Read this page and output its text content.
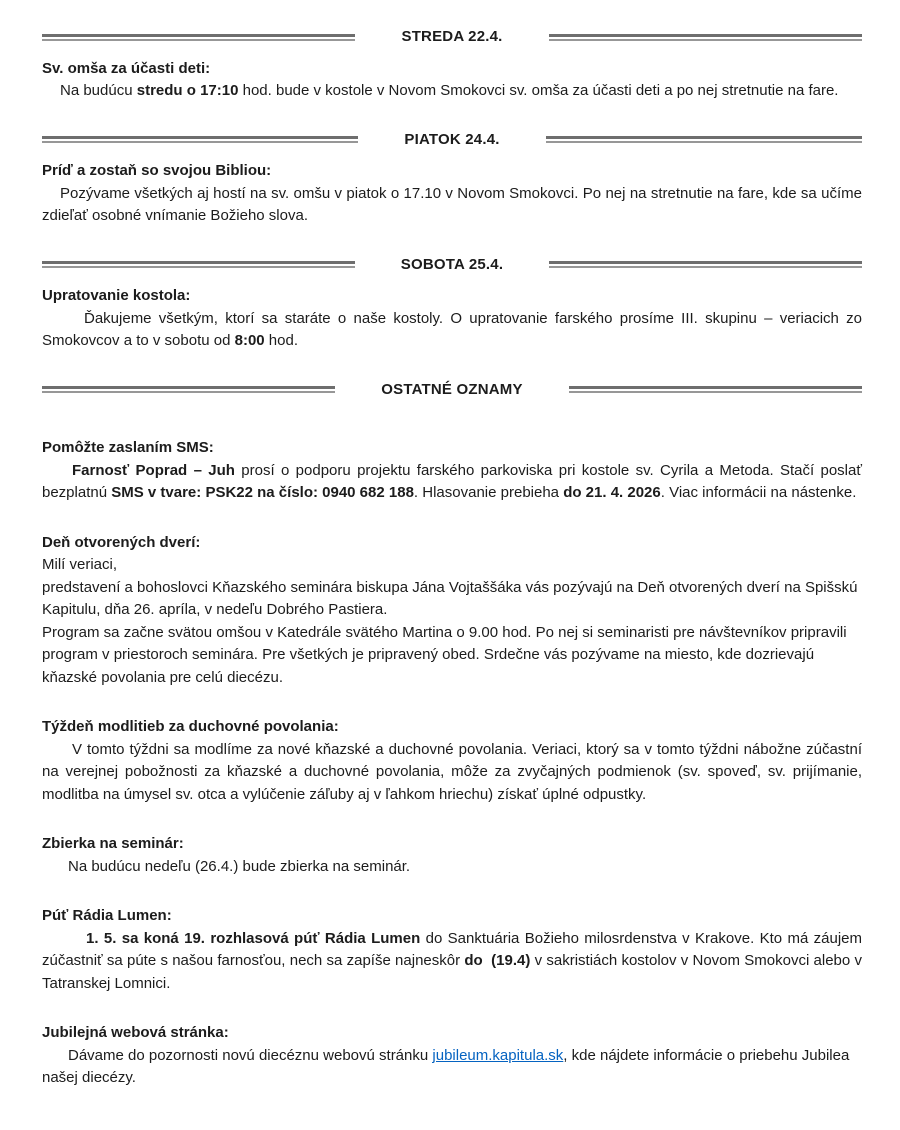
STREDA 22.4.
Sv. omša za účasti deti:

Na budúcu stredu o 17:10 hod. bude v kostole v Novom Smokovci sv. omša za účasti deti a po nej stretnutie na fare.

PIATOK 24.4.
Príď a zostaň so svojou Bibliou:

Pozývame všetkých aj hostí na sv. omšu v piatok o 17.10 v Novom Smokovci. Po nej na stretnutie na fare, kde sa učíme zdieľať osobné vnímanie Božieho slova.

SOBOTA 25.4.
Upratovanie kostola:

Ďakujeme všetkým, ktorí sa staráte o naše kostoly. O upratovanie farského prosíme III. skupinu – veriacich zo Smokovcov a to v sobotu od 8:00 hod.

OSTATNÉ OZNAMY
Pomôžte zaslaním SMS:

Farnosť Poprad – Juh prosí o podporu projektu farského parkoviska pri kostole sv. Cyrila a Metoda. Stačí poslať bezplatnú SMS v tvare: PSK22 na číslo: 0940 682 188. Hlasovanie prebieha do 21. 4. 2026. Viac informácii na nástenke.

Deň otvorených dverí:

Milí veriaci,

predstavení a bohoslovci Kňazského seminára biskupa Jána Vojtaššáka vás pozývajú na Deň otvorených dverí na Spišskú Kapitulu, dňa 26. apríla, v nedeľu Dobrého Pastiera.

Program sa začne svätou omšou v Katedrále svätého Martina o 9.00 hod. Po nej si seminaristi pre návštevníkov pripravili program v priestoroch seminára. Pre všetkých je pripravený obed. Srdečne vás pozývame na miesto, kde dozrievajú kňazské povolania pre celú diecézu.

Týždeň modlitieb za duchovné povolania:

V tomto týždni sa modlíme za nové kňazské a duchovné povolania. Veriaci, ktorý sa v tomto týždni nábožne zúčastní na verejnej pobožnosti za kňazské a duchovné povolania, môže za zvyčajných podmienok (sv. spoveď, sv. prijímanie, modlitba na úmysel sv. otca a vylúčenie záľuby aj v ľahkom hriechu) získať úplné odpustky.

Zbierka na seminár:

Na budúcu nedeľu (26.4.) bude zbierka na seminár.

Púť Rádia Lumen:

1. 5. sa koná 19. rozhlasová púť Rádia Lumen do Sanktuária Božieho milosrdenstva v Krakove. Kto má záujem zúčastniť sa púte s našou farnosťou, nech sa zapíše najneskôr do  (19.4) v sakristiách kostolov v Novom Smokovci alebo v Tatranskej Lomnici.

Jubilejná webová stránka:

Dávame do pozornosti novú diecéznu webovú stránku jubileum.kapitula.sk, kde nájdete informácie o priebehu Jubilea našej diecézy.
